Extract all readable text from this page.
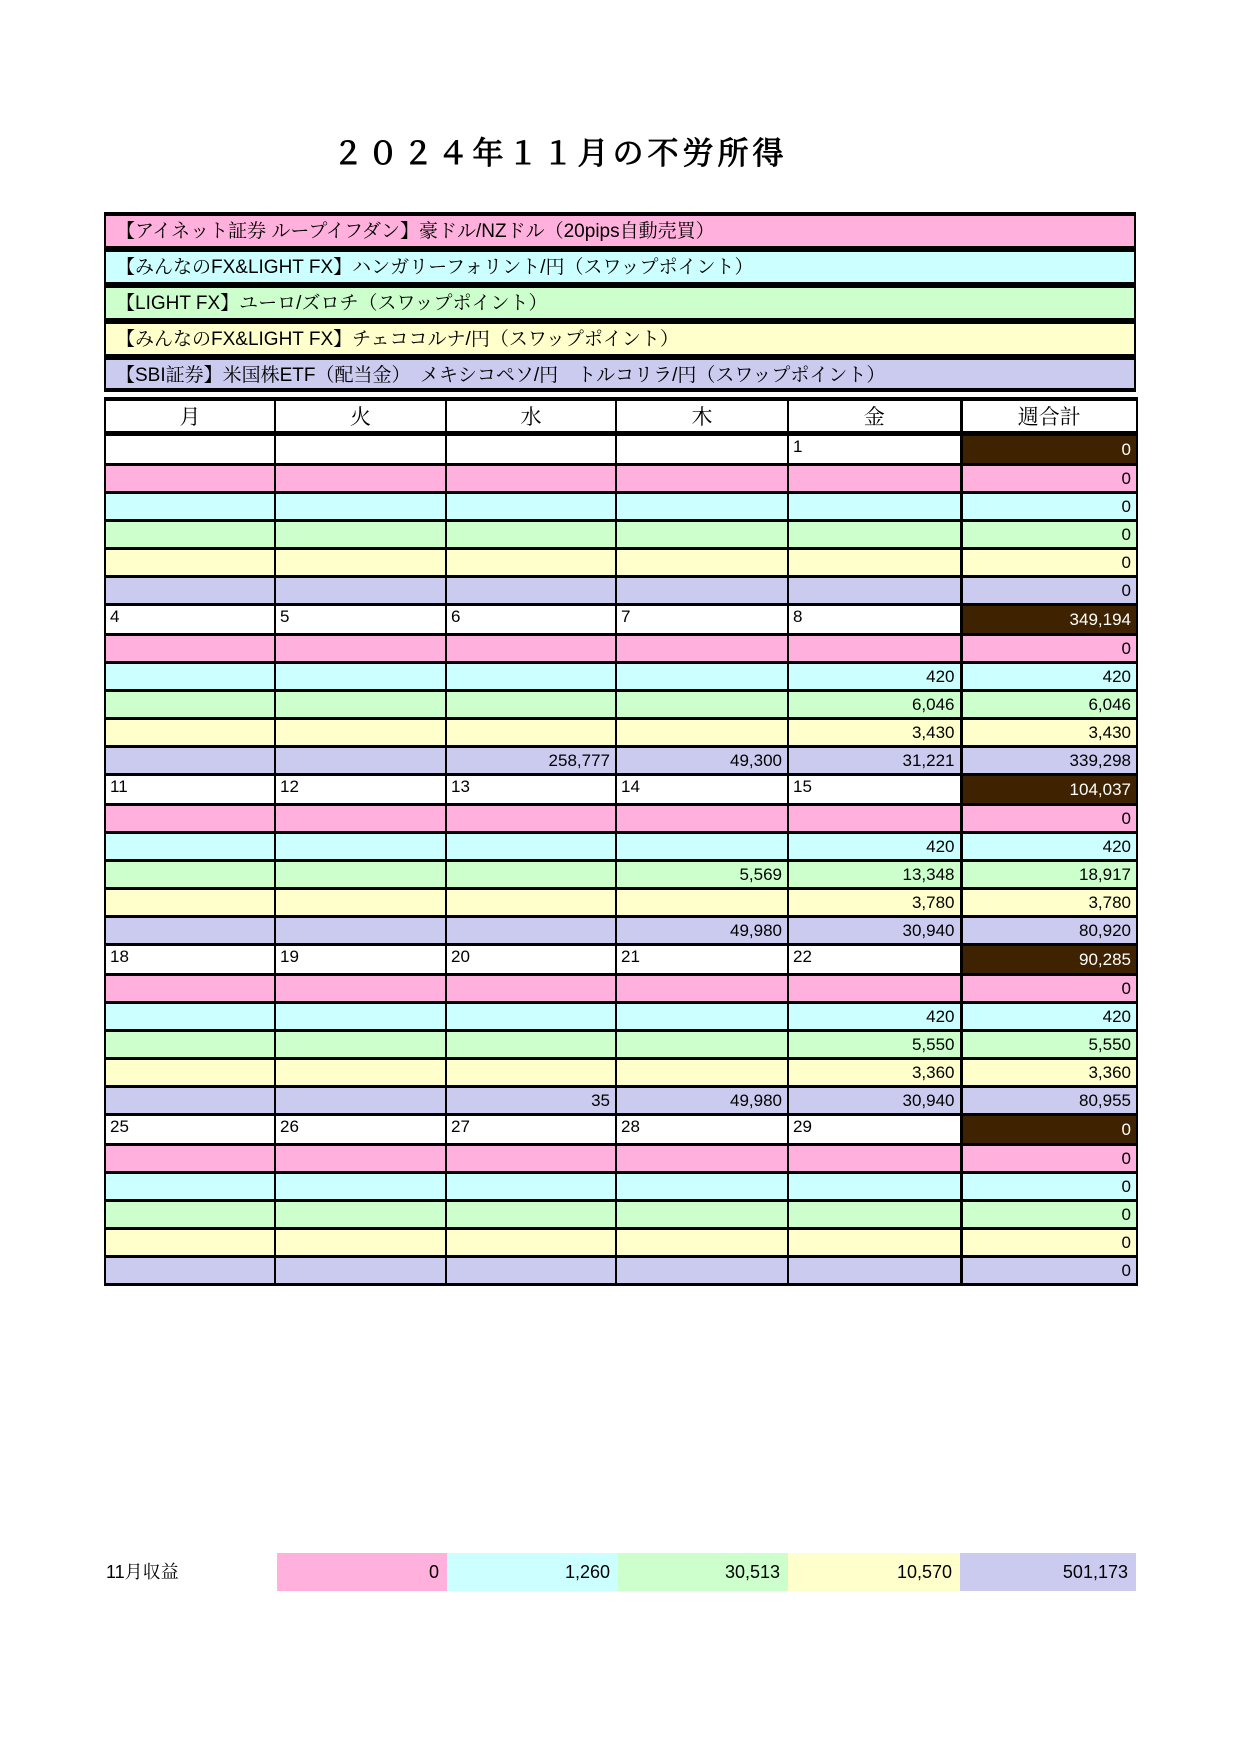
２０２４年１１月の不労所得
【アイネット証券 ループイフダン】豪ドル/NZドル（20pips自動売買）
【みんなのFX&LIGHT FX】ハンガリーフォリント/円（スワップポイント）
【LIGHT FX】ユーロ/ズロチ（スワップポイント）
【みんなのFX&LIGHT FX】チェココルナ/円（スワップポイント）
【SBI証券】米国株ETF（配当金）　メキシコペソ/円　トルコリラ/円（スワップポイント）
月	火	水	木	金	週合計
				1	0
					0
					0
					0
					0
					0
4	5	6	7	8	349,194
					0
				420	420
				6,046	6,046
				3,430	3,430
		258,777	49,300	31,221	339,298
11	12	13	14	15	104,037
					0
				420	420
			5,569	13,348	18,917
				3,780	3,780
			49,980	30,940	80,920
18	19	20	21	22	90,285
					0
				420	420
				5,550	5,550
				3,360	3,360
		35	49,980	30,940	80,955
25	26	27	28	29	0
					0
					0
					0
					0
					0
11月収益	0	1,260	30,513	10,570	501,173
